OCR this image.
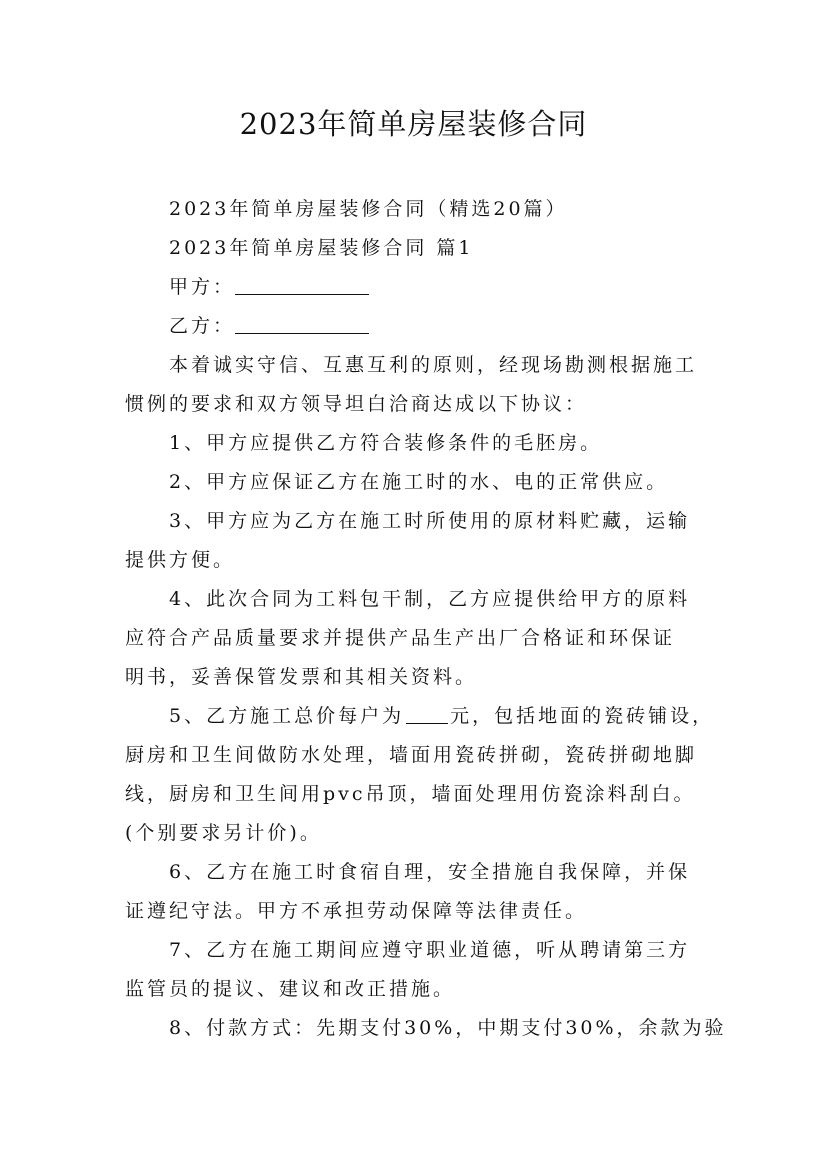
2023年简单房屋装修合同

2023年简单房屋装修合同（精选20篇）

2023年简单房屋装修合同 篇1

甲方：

乙方：

本着诚实守信、互惠互利的原则，经现场勘测根据施工
惯例的要求和双方领导坦白洽商达成以下协议：

1、甲方应提供乙方符合装修条件的毛胚房。

2、甲方应保证乙方在施工时的水、电的正常供应。

3、甲方应为乙方在施工时所使用的原材料贮藏，运输
提供方便。

4、此次合同为工料包干制，乙方应提供给甲方的原料
应符合产品质量要求并提供产品生产出厂合格证和环保证
明书，妥善保管发票和其相关资料。

5、乙方施工总价每户为 元，包括地面的瓷砖铺设，
厨房和卫生间做防水处理，墙面用瓷砖拼砌，瓷砖拼砌地脚
线，厨房和卫生间用pvc吊顶，墙面处理用仿瓷涂料刮白。
(个别要求另计价)。

6、乙方在施工时食宿自理，安全措施自我保障，并保
证遵纪守法。甲方不承担劳动保障等法律责任。

7、乙方在施工期间应遵守职业道德，听从聘请第三方
监管员的提议、建议和改正措施。

8、付款方式：先期支付30%，中期支付30%，余款为验
